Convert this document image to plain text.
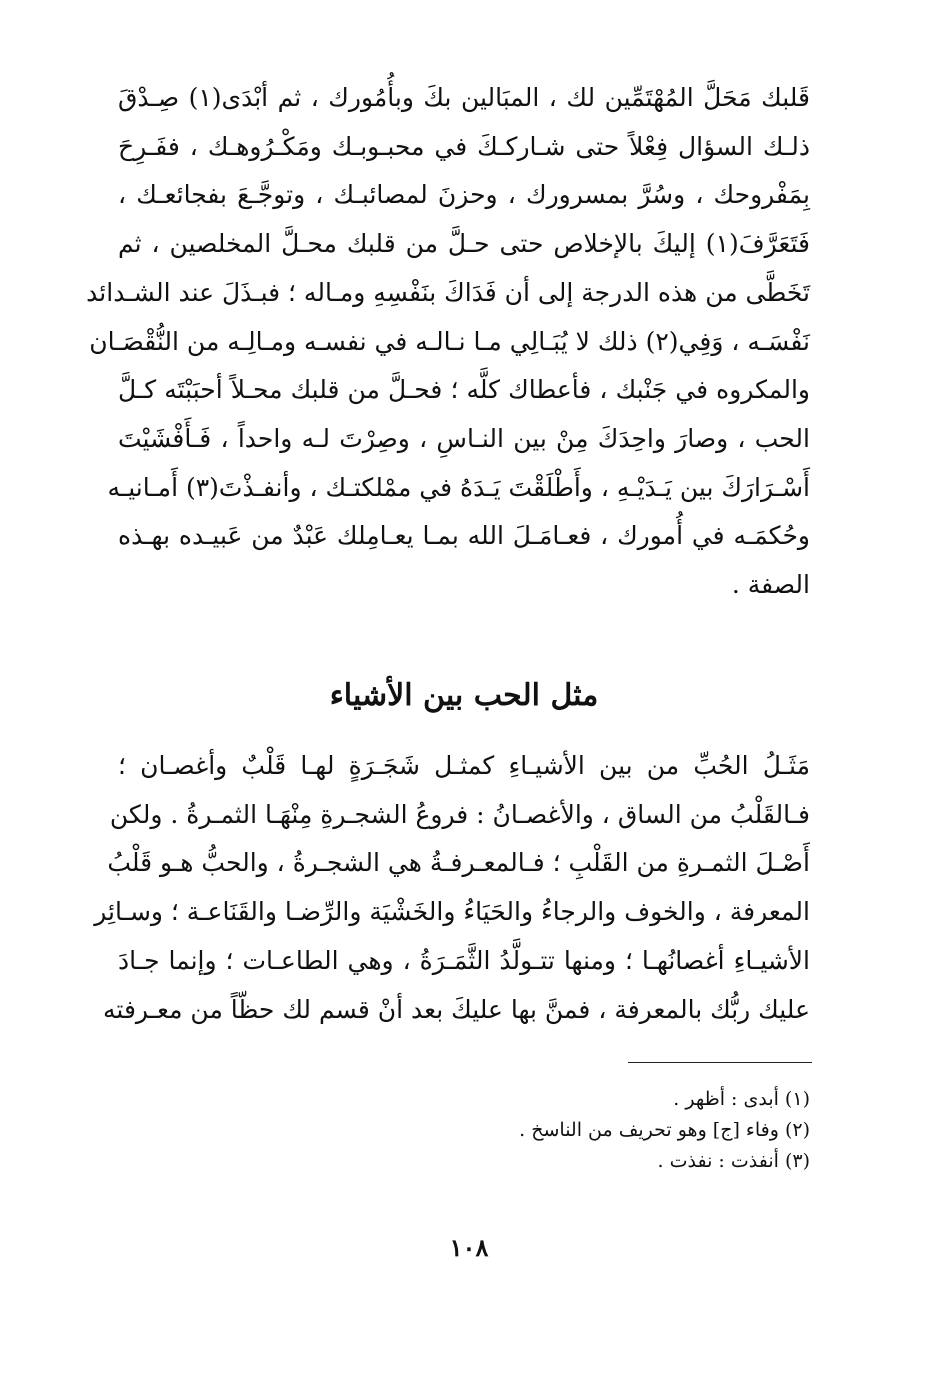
قَلبك مَحَلَّ المُهْتَمِّين لك ، المبَالين بكَ وبأُمُورك ، ثم أبْدَى(١) صِـدْقَ
ذلـك السؤال فِعْلاً حتى شـاركـكَ في محبـوبـك ومَكْـرُوهـك ، ففَـرِحَ
بِمَفْروحك ، وسُرَّ بمسرورك ، وحزنَ لمصائبـك ، وتوجَّـعَ بفجائعـك ،
فَتَعَرَّفَ(١) إليكَ بالإخلاص حتى حـلَّ من قلبك محـلَّ المخلصين ، ثم
تَخَطَّى من هذه الدرجة إلى أن فَدَاكَ بنَفْسِهِ ومـاله ؛ فبـذَلَ عند الشـدائد
نَفْسَـه ، وَفِي(٢) ذلك لا يُبَـالِي مـا نـالـه في نفسـه ومـالِـه من النُّقْصَـان
والمكروه في جَنْبك ، فأعطاك كلَّه ؛ فحـلَّ من قلبك محـلاً أحبَبْتَه كـلَّ
الحب ، وصارَ واحِدَكَ مِنْ بين النـاسِ ، وصِرْتَ لـه واحداً ، فَـأَفْشَيْتَ
أَسْـرَارَكَ بين يَـدَيْـهِ ، وأَطْلَقْتَ يَـدَهُ في ممْلكتـك ، وأنفـذْتَ(٣) أَمـانيـه
وحُكمَـه في أُمورك ، فعـامَـلَ الله بمـا يعـامِلك عَبْدٌ من عَبيـده بهـذه
الصفة .
مثل الحب بين الأشياء
مَثَـلُ الحُبِّ من بين الأشيـاءِ كمثـل شَجَـرَةٍ لهـا قَلْبٌ وأغصـان ؛
فـالقَلْبُ من الساق ، والأغصـانُ : فروعُ الشجـرةِ مِنْهَـا الثمـرةُ . ولكن
أَصْـلَ الثمـرةِ من القَلْبِ ؛ فـالمعـرفـةُ هي الشجـرةُ ، والحبُّ هـو قَلْبُ
المعرفة ، والخوف والرجاءُ والحَيَاءُ والخَشْيَة والرِّضـا والقَنَاعـة ؛ وسـائِر
الأشيـاءِ أغصانُهـا ؛ ومنها تتـولَّدُ الثَّمَـرَةُ ، وهي الطاعـات ؛ وإنما جـادَ
عليك ربُّك بالمعرفة ، فمنَّ بها عليكَ بعد أنْ قسم لك حظّاً من معـرفته
(١) أبدى : أظهر .
(٢) وفاء [ج] وهو تحريف من الناسخ .
(٣) أنفذت : نفذت .
١٠٨
